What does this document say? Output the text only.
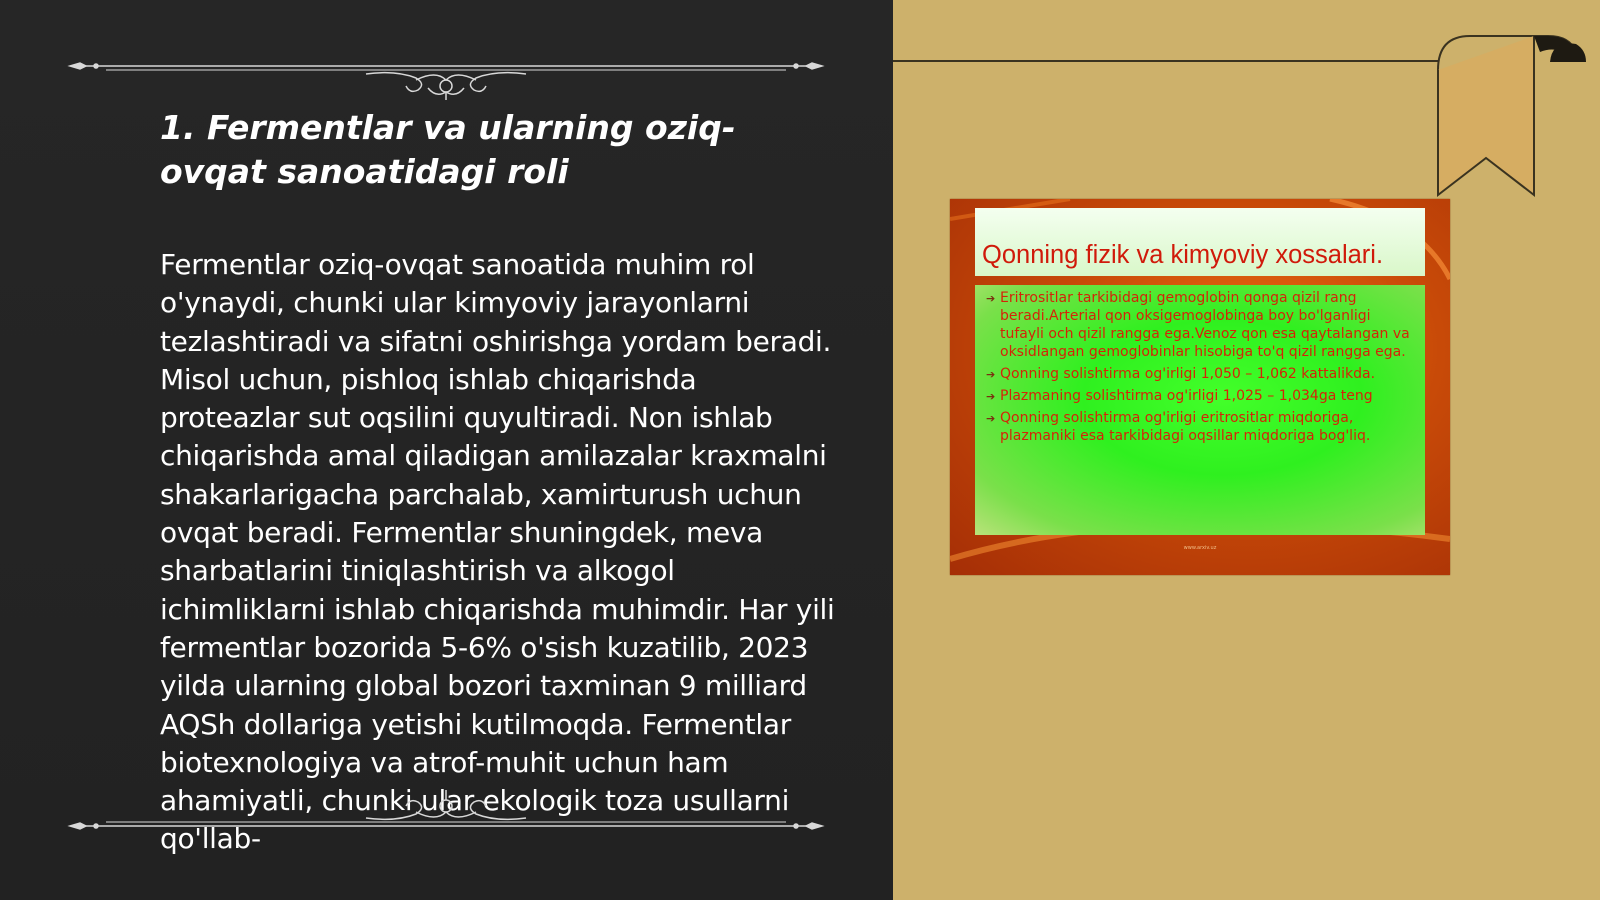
1. Fermentlar va ularning oziq-ovqat sanoatidagi roli

Fermentlar oziq-ovqat sanoatida muhim rol o'ynaydi, chunki ular kimyoviy jarayonlarni tezlashtiradi va sifatni oshirishga yordam beradi. Misol uchun, pishloq ishlab chiqarishda proteazlar sut oqsilini quyultiradi. Non ishlab chiqarishda amal qiladigan amilazalar kraxmalni shakarlarigacha parchalab, xamirturush uchun ovqat beradi. Fermentlar shuningdek, meva sharbatlarini tiniqlashtirish va alkogol ichimliklarni ishlab chiqarishda muhimdir. Har yili fermentlar bozorida 5-6% o'sish kuzatilib, 2023 yilda ularning global bozori taxminan 9 milliard AQSh dollariga yetishi kutilmoqda. Fermentlar biotexnologiya va atrof-muhit uchun ham ahamiyatli, chunki ular ekologik toza usullarni qo'llab-

➔ Eritrositlar tarkibidagi gemoglobin qonga qizil rang beradi.Arterial qon oksigemoglobinga boy bo'lganligi tufayli och qizil rangga ega.Venoz qon esa qaytalangan va oksidlangan gemoglobinlar hisobiga to'q qizil rangga ega.
➔ Qonning solishtirma og'irligi 1,050 – 1,062 kattalikda.
➔ Plazmaning solishtirma og'irligi 1,025 – 1,034ga teng
➔ Qonning solishtirma og'irligi eritrositlar miqdoriga, plazmaniki esa tarkibidagi oqsillar miqdoriga bog'liq.

www.arxiv.uz

Qonning fizik va kimyoviy xossalari.
